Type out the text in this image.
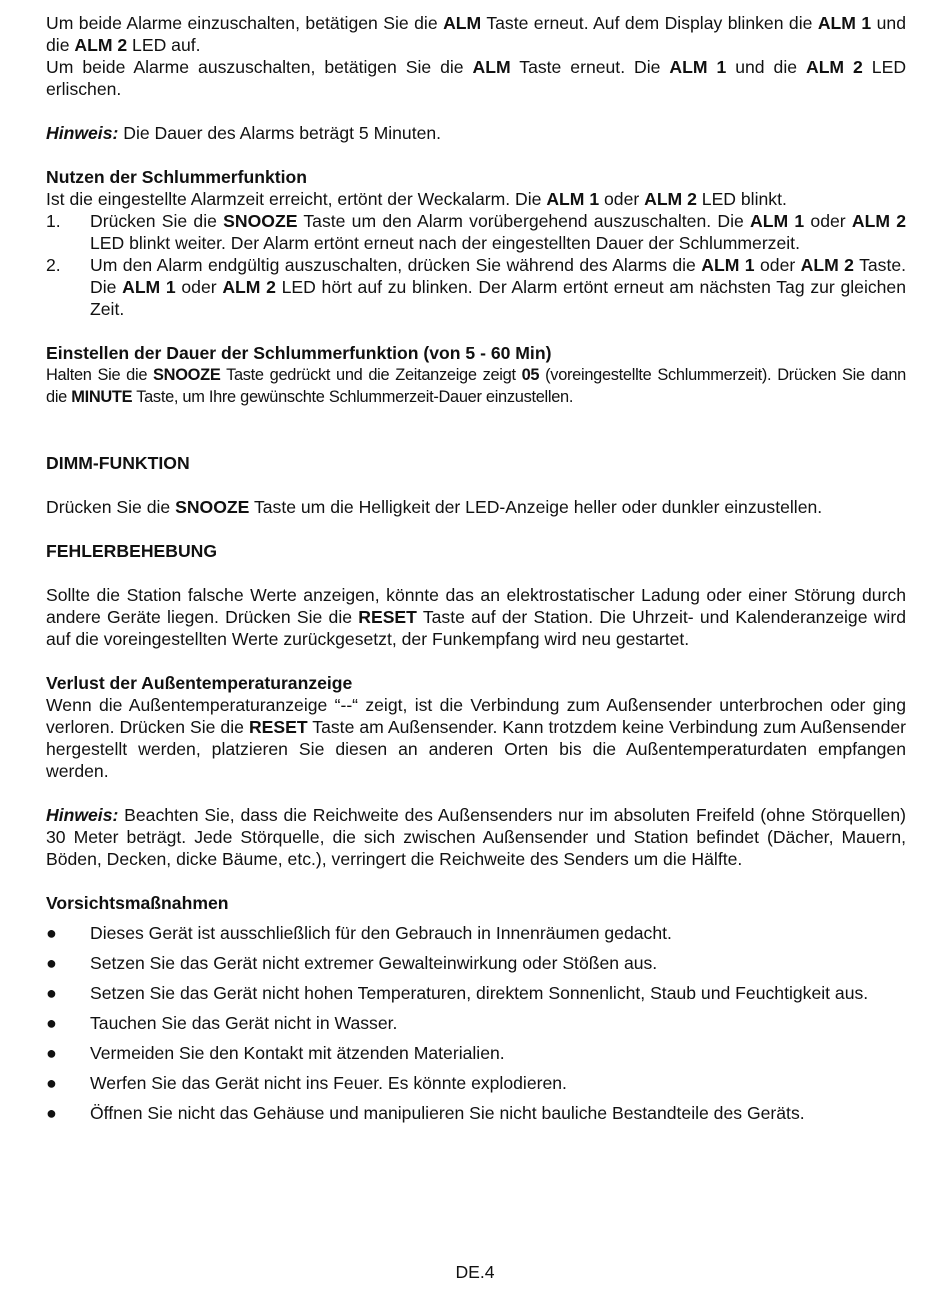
Um beide Alarme einzuschalten, betätigen Sie die ALM Taste erneut. Auf dem Display blinken die ALM 1 und die ALM 2 LED auf.

Um beide Alarme auszuschalten, betätigen Sie die ALM Taste erneut. Die ALM 1 und die ALM 2 LED erlischen.

Hinweis: Die Dauer des Alarms beträgt 5 Minuten.

Nutzen der Schlummerfunktion

Ist die eingestellte Alarmzeit erreicht, ertönt der Weckalarm. Die ALM 1 oder ALM 2 LED blinkt.

1. Drücken Sie die SNOOZE Taste um den Alarm vorübergehend auszuschalten. Die ALM 1 oder ALM 2 LED blinkt weiter. Der Alarm ertönt erneut nach der eingestellten Dauer der Schlummerzeit.
2. Um den Alarm endgültig auszuschalten, drücken Sie während des Alarms die ALM 1 oder ALM 2 Taste. Die ALM 1 oder ALM 2 LED hört auf zu blinken. Der Alarm ertönt erneut am nächsten Tag zur gleichen Zeit.

Einstellen der Dauer der Schlummerfunktion (von 5 - 60 Min)

Halten Sie die SNOOZE Taste gedrückt und die Zeitanzeige zeigt 05 (voreingestellte Schlummerzeit). Drücken Sie dann die MINUTE Taste, um Ihre gewünschte Schlummerzeit-Dauer einzustellen.

DIMM-FUNKTION

Drücken Sie die SNOOZE Taste um die Helligkeit der LED-Anzeige heller oder dunkler einzustellen.

FEHLERBEHEBUNG

Sollte die Station falsche Werte anzeigen, könnte das an elektrostatischer Ladung oder einer Störung durch andere Geräte liegen. Drücken Sie die RESET Taste auf der Station. Die Uhrzeit- und Kalenderanzeige wird auf die voreingestellten Werte zurückgesetzt, der Funkempfang wird neu gestartet.

Verlust der Außentemperaturanzeige

Wenn die Außentemperaturanzeige “--“ zeigt, ist die Verbindung zum Außensender unterbrochen oder ging verloren. Drücken Sie die RESET Taste am Außensender. Kann trotzdem keine Verbindung zum Außensender hergestellt werden, platzieren Sie diesen an anderen Orten bis die Außentemperaturdaten empfangen werden.

Hinweis: Beachten Sie, dass die Reichweite des Außensenders nur im absoluten Freifeld (ohne Störquellen) 30 Meter beträgt. Jede Störquelle, die sich zwischen Außensender und Station befindet (Dächer, Mauern, Böden, Decken, dicke Bäume, etc.), verringert die Reichweite des Senders um die Hälfte.

Vorsichtsmaßnahmen

● Dieses Gerät ist ausschließlich für den Gebrauch in Innenräumen gedacht.
● Setzen Sie das Gerät nicht extremer Gewalteinwirkung oder Stößen aus.
● Setzen Sie das Gerät nicht hohen Temperaturen, direktem Sonnenlicht, Staub und Feuchtigkeit aus.
● Tauchen Sie das Gerät nicht in Wasser.
● Vermeiden Sie den Kontakt mit ätzenden Materialien.
● Werfen Sie das Gerät nicht ins Feuer. Es könnte explodieren.
● Öffnen Sie nicht das Gehäuse und manipulieren Sie nicht bauliche Bestandteile des Geräts.
DE.4
